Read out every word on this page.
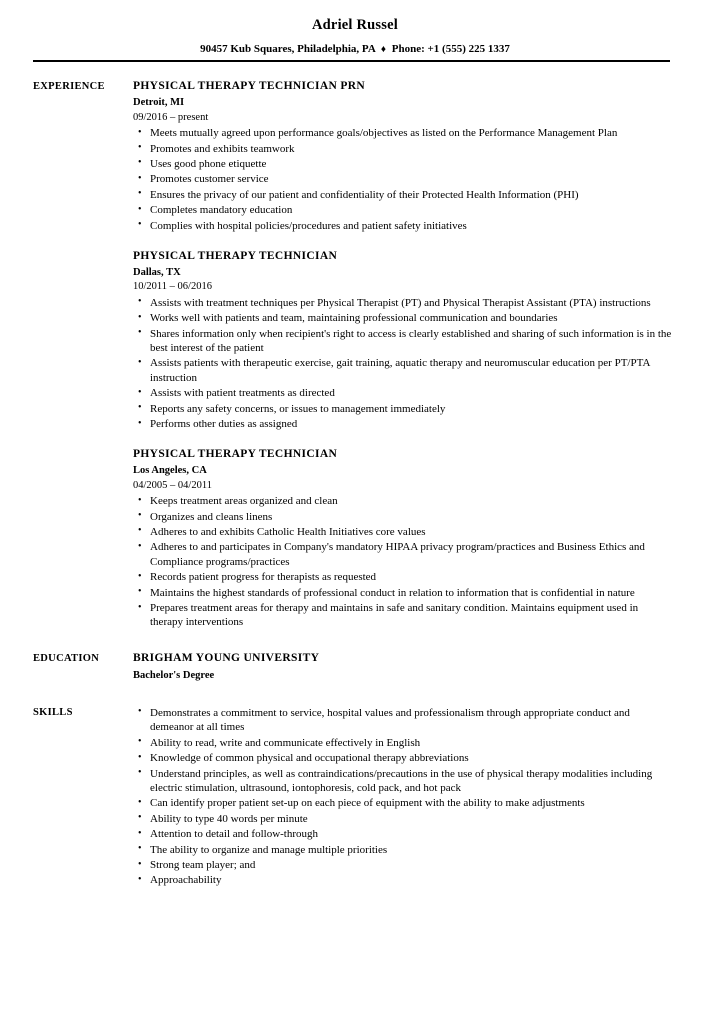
Adriel Russel
90457 Kub Squares, Philadelphia, PA ♦ Phone: +1 (555) 225 1337
EXPERIENCE	PHYSICAL THERAPY TECHNICIAN PRN
Detroit, MI
09/2016 – present
• Meets mutually agreed upon performance goals/objectives as listed on the Performance Management Plan
• Promotes and exhibits teamwork
• Uses good phone etiquette
• Promotes customer service
• Ensures the privacy of our patient and confidentiality of their Protected Health Information (PHI)
• Completes mandatory education
• Complies with hospital policies/procedures and patient safety initiatives
PHYSICAL THERAPY TECHNICIAN
Dallas, TX
10/2011 – 06/2016
• Assists with treatment techniques per Physical Therapist (PT) and Physical Therapist Assistant (PTA) instructions
• Works well with patients and team, maintaining professional communication and boundaries
• Shares information only when recipient's right to access is clearly established and sharing of such information is in the best interest of the patient
• Assists patients with therapeutic exercise, gait training, aquatic therapy and neuromuscular education per PT/PTA instruction
• Assists with patient treatments as directed
• Reports any safety concerns, or issues to management immediately
• Performs other duties as assigned
PHYSICAL THERAPY TECHNICIAN
Los Angeles, CA
04/2005 – 04/2011
• Keeps treatment areas organized and clean
• Organizes and cleans linens
• Adheres to and exhibits Catholic Health Initiatives core values
• Adheres to and participates in Company's mandatory HIPAA privacy program/practices and Business Ethics and Compliance programs/practices
• Records patient progress for therapists as requested
• Maintains the highest standards of professional conduct in relation to information that is confidential in nature
• Prepares treatment areas for therapy and maintains in safe and sanitary condition. Maintains equipment used in therapy interventions
EDUCATION	BRIGHAM YOUNG UNIVERSITY
Bachelor's Degree
SKILLS	• Demonstrates a commitment to service, hospital values and professionalism through appropriate conduct and demeanor at all times
• Ability to read, write and communicate effectively in English
• Knowledge of common physical and occupational therapy abbreviations
• Understand principles, as well as contraindications/precautions in the use of physical therapy modalities including electric stimulation, ultrasound, iontophoresis, cold pack, and hot pack
• Can identify proper patient set-up on each piece of equipment with the ability to make adjustments
• Ability to type 40 words per minute
• Attention to detail and follow-through
• The ability to organize and manage multiple priorities
• Strong team player; and
• Approachability
